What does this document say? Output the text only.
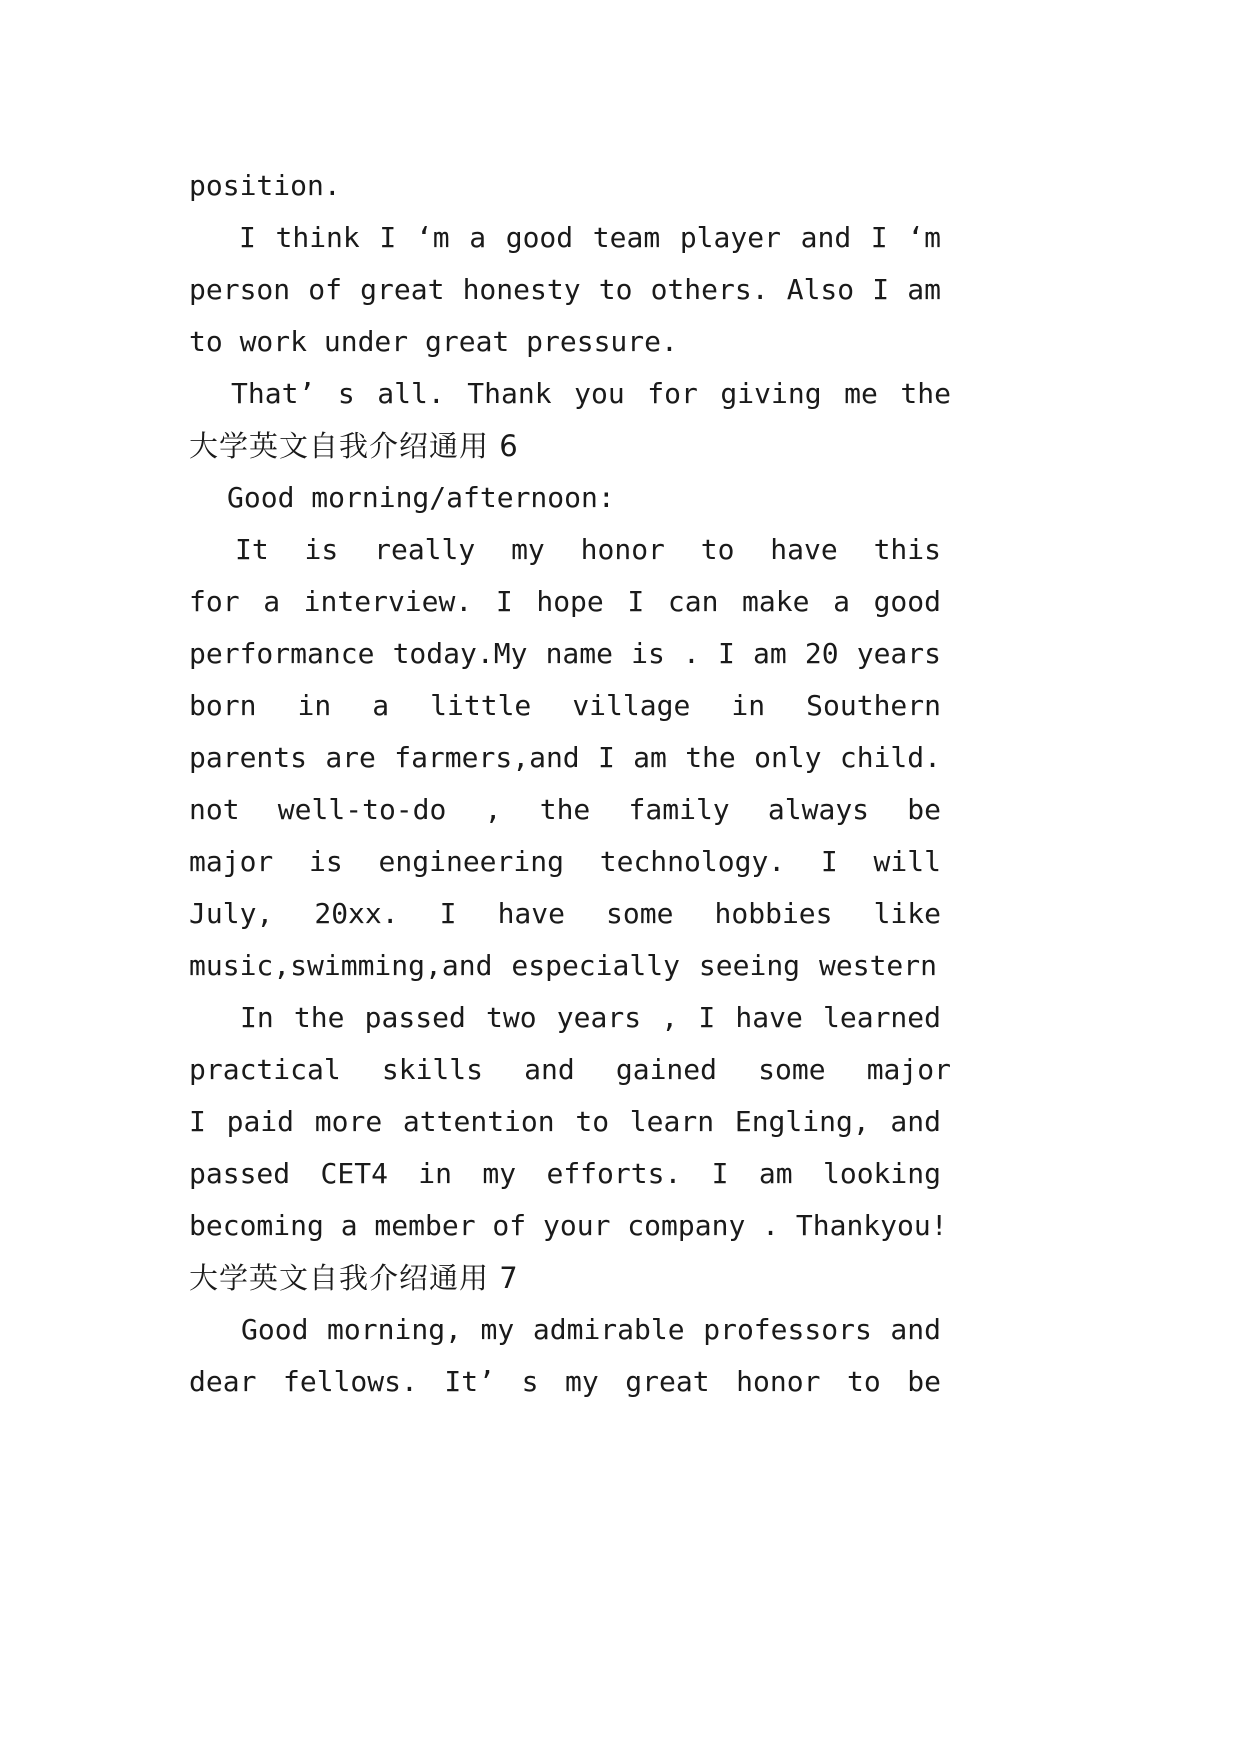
position.
I think I ‘m a good team player and I ‘m
person of great honesty to others. Also I am
to work under great pressure.
That’ s all. Thank you for giving me the
大学英文自我介绍通用 6
Good morning/afternoon:
It is really my honor to have this
for a interview. I hope I can make a good
performance today.My name is . I am 20 years
born in a little village in Southern
parents are farmers,and I am the only child.
not well-to-do , the family always be
major is engineering technology. I will
July, 20xx. I have some hobbies like
music,swimming,and especially seeing western
In the passed two years , I have learned
practical skills and gained some major
I paid more attention to learn Engling, and
passed CET4 in my efforts. I am looking
becoming a member of your company . Thankyou!
大学英文自我介绍通用 7
Good morning, my admirable professors and
dear fellows. It’ s my great honor to be
